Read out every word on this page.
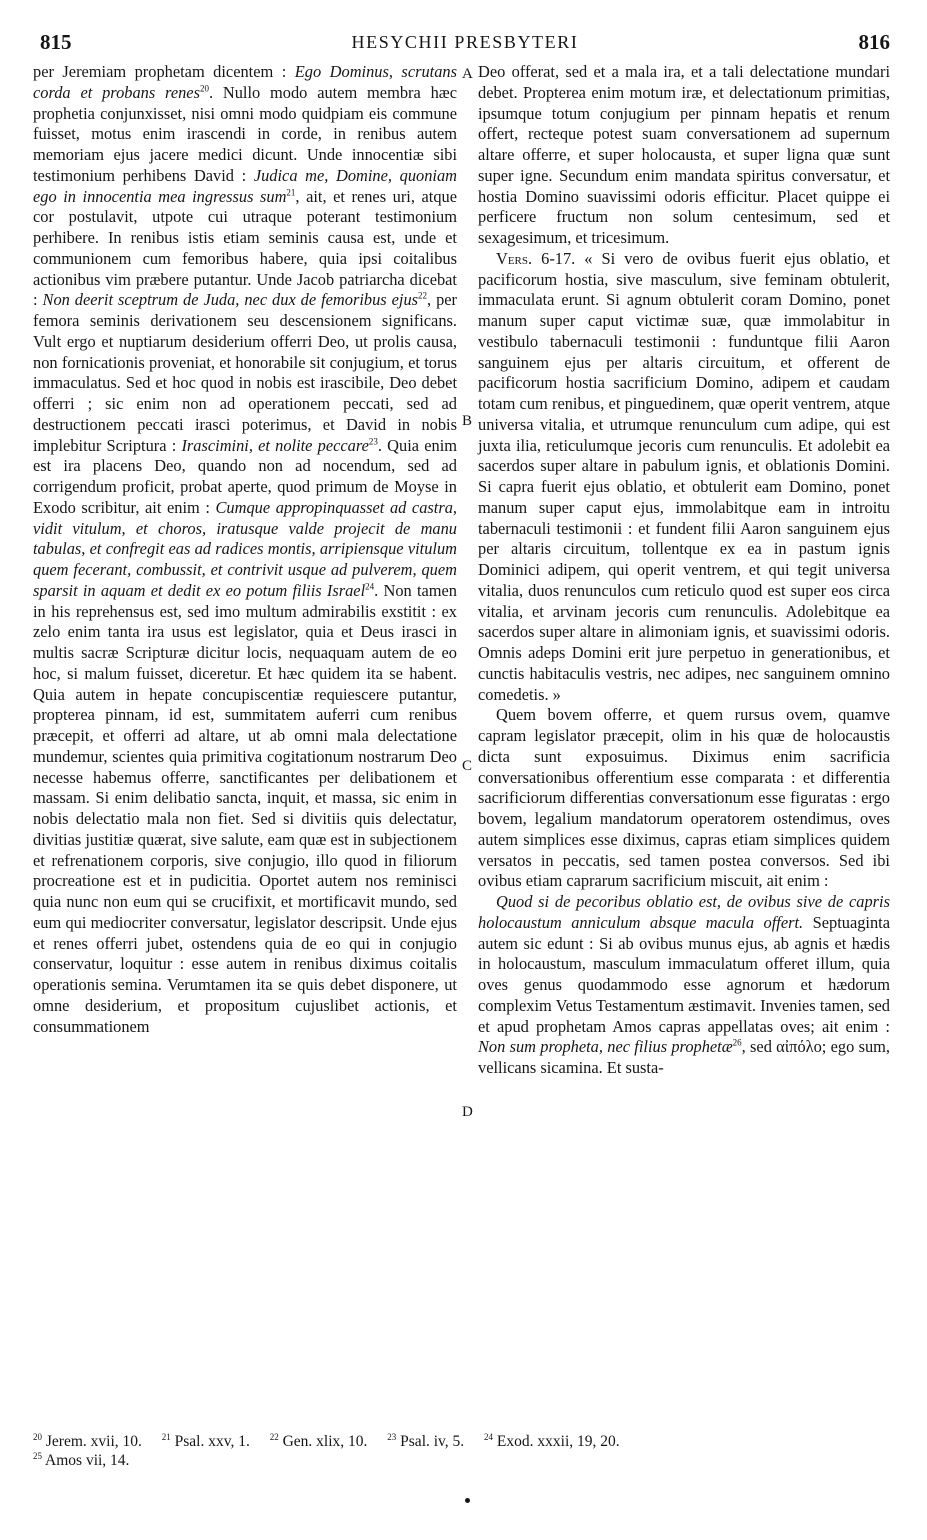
815	HESYCHII PRESBYTERI	816

per Jeremiam prophetam dicentem : Ego Dominus, scrutans corda et probans renes$^{20}$. Nullo modo autem membra hæc prophetia conjunxisset, nisi omni modo quidpiam eis commune fuisset, motus enim irascendi in corde, in renibus autem memoriam ejus jacere medici dicunt. Unde innocentiæ sibi testimonium perhibens David : Judica me, Domine, quoniam ego in innocentia mea ingressus sum$^{21}$, ait, et renes uri, atque cor postulavit, utpote cui utraque poterant testimonium perhibere. In renibus istis etiam seminis causa est, unde et communionem cum femoribus habere, quia ipsi coitalibus actionibus vim præbere putantur. Unde Jacob patriarcha dicebat : Non deerit sceptrum de Juda, nec dux de femoribus ejus$^{22}$, per femora seminis derivationem seu descensionem significans. Vult ergo et nuptiarum desiderium offerri Deo, ut prolis causa, non fornicationis proveniat, et honorabile sit conjugium, et torus immaculatus. Sed et hoc quod in nobis est irascibile, Deo debet offerri ; sic enim non ad operationem peccati, sed ad destructionem peccati irasci poterimus, et David in nobis implebitur Scriptura : Irascimini, et nolite peccare$^{23}$. Quia enim est ira placens Deo, quando non ad nocendum, sed ad corrigendum proficit, probat aperte, quod primum de Moyse in Exodo scribitur, ait enim : Cumque appropinquasset ad castra, vidit vitulum, et choros, iratusque valde projecit de manu tabulas, et confregit eas ad radices montis, arripiensque vitulum quem fecerant, combussit, et contrivit usque ad pulverem, quem sparsit in aquam et dedit ex eo potum filiis Israel$^{24}$. Non tamen in his reprehensus est, sed imo multum admirabilis exstitit : ex zelo enim tanta ira usus est legislator, quia et Deus irasci in multis sacræ Scripturæ dicitur locis, nequaquam autem de eo hoc, si malum fuisset, diceretur. Et hæc quidem ita se habent. Quia autem in hepate concupiscentiæ requiescere putantur, propterea pinnam, id est, summitatem auferri cum renibus præcepit, et offerri ad altare, ut ab omni mala delectatione mundemur, scientes quia primitiva cogitationum nostrarum Deo necesse habemus offerre, sanctificantes per delibationem et massam. Si enim delibatio sancta, inquit, et massa, sic enim in nobis delectatio mala non fiet. Sed si divitiis quis delectatur, divitias justitiæ quærat, sive salute, eam quæ est in subjectionem et refrenationem corporis, sive conjugio, illo quod in filiorum procreatione est et in pudicitia. Oportet autem nos reminisci quia nunc non eum qui se crucifixit, et mortificavit mundo, sed eum qui mediocriter conversatur, legislator descripsit. Unde ejus et renes offerri jubet, ostendens quia de eo qui in conjugio conservatur, loquitur : esse autem in renibus diximus coitalis operationis semina. Verumtamen ita se quis debet disponere, ut omne desiderium, et propositum cujuslibet actionis, et consummationem

A
B
C
D

Deo offerat, sed et a mala ira, et a tali delectatione mundari debet. Propterea enim motum iræ, et delectationum primitias, ipsumque totum conjugium per pinnam hepatis et renum offert, recteque potest suam conversationem ad supernum altare offerre, et super holocausta, et super ligna quæ sunt super igne. Secundum enim mandata spiritus conversatur, et hostia Domino suavissimi odoris efficitur. Placet quippe ei perficere fructum non solum centesimum, sed et sexagesimum, et tricesimum.

Vers. 6-17. « Si vero de ovibus fuerit ejus oblatio, et pacificorum hostia, sive masculum, sive feminam obtulerit, immaculata erunt. Si agnum obtulerit coram Domino, ponet manum super caput victimæ suæ, quæ immolabitur in vestibulo tabernaculi testimonii : funduntque filii Aaron sanguinem ejus per altaris circuitum, et offerent de pacificorum hostia sacrificium Domino, adipem et caudam totam cum renibus, et pinguedinem, quæ operit ventrem, atque universa vitalia, et utrumque renunculum cum adipe, qui est juxta ilia, reticulumque jecoris cum renunculis. Et adolebit ea sacerdos super altare in pabulum ignis, et oblationis Domini. Si capra fuerit ejus oblatio, et obtulerit eam Domino, ponet manum super caput ejus, immolabitque eam in introitu tabernaculi testimonii : et fundent filii Aaron sanguinem ejus per altaris circuitum, tollentque ex ea in pastum ignis Dominici adipem, qui operit ventrem, et qui tegit universa vitalia, duos renunculos cum reticulo quod est super eos circa vitalia, et arvinam jecoris cum renunculis. Adolebitque ea sacerdos super altare in alimoniam ignis, et suavissimi odoris. Omnis adeps Domini erit jure perpetuo in generationibus, et cunctis habitaculis vestris, nec adipes, nec sanguinem omnino comedetis. »

Quem bovem offerre, et quem rursus ovem, quamve capram legislator præcepit, olim in his quæ de holocaustis dicta sunt exposuimus. Diximus enim sacrificia conversationibus offerentium esse comparata : et differentia sacrificiorum differentias conversationum esse figuratas : ergo bovem, legalium mandatorum operatorem ostendimus, oves autem simplices esse diximus, capras etiam simplices quidem versatos in peccatis, sed tamen postea conversos. Sed ibi ovibus etiam caprarum sacrificium miscuit, ait enim :

Quod si de pecoribus oblatio est, de ovibus sive de capris holocaustum anniculum absque macula offert. Septuaginta autem sic edunt : Si ab ovibus munus ejus, ab agnis et hædis in holocaustum, masculum immaculatum offeret illum, quia oves genus quodammodo esse agnorum et hædorum complexim Vetus Testamentum æstimavit. Invenies tamen, sed et apud prophetam Amos capras appellatas oves; ait enim : Non sum propheta, nec filius prophetæ$^{26}$, sed αἰπόλο; ego sum, vellicans sicamina. Et susta-

$^{20}$ Jerem. xvii, 10. $^{21}$ Psal. xxv, 1. $^{22}$ Gen. xlix, 10. $^{23}$ Psal. iv, 5. $^{24}$ Exod. xxxii, 19, 20.
$^{25}$ Amos vii, 14.
